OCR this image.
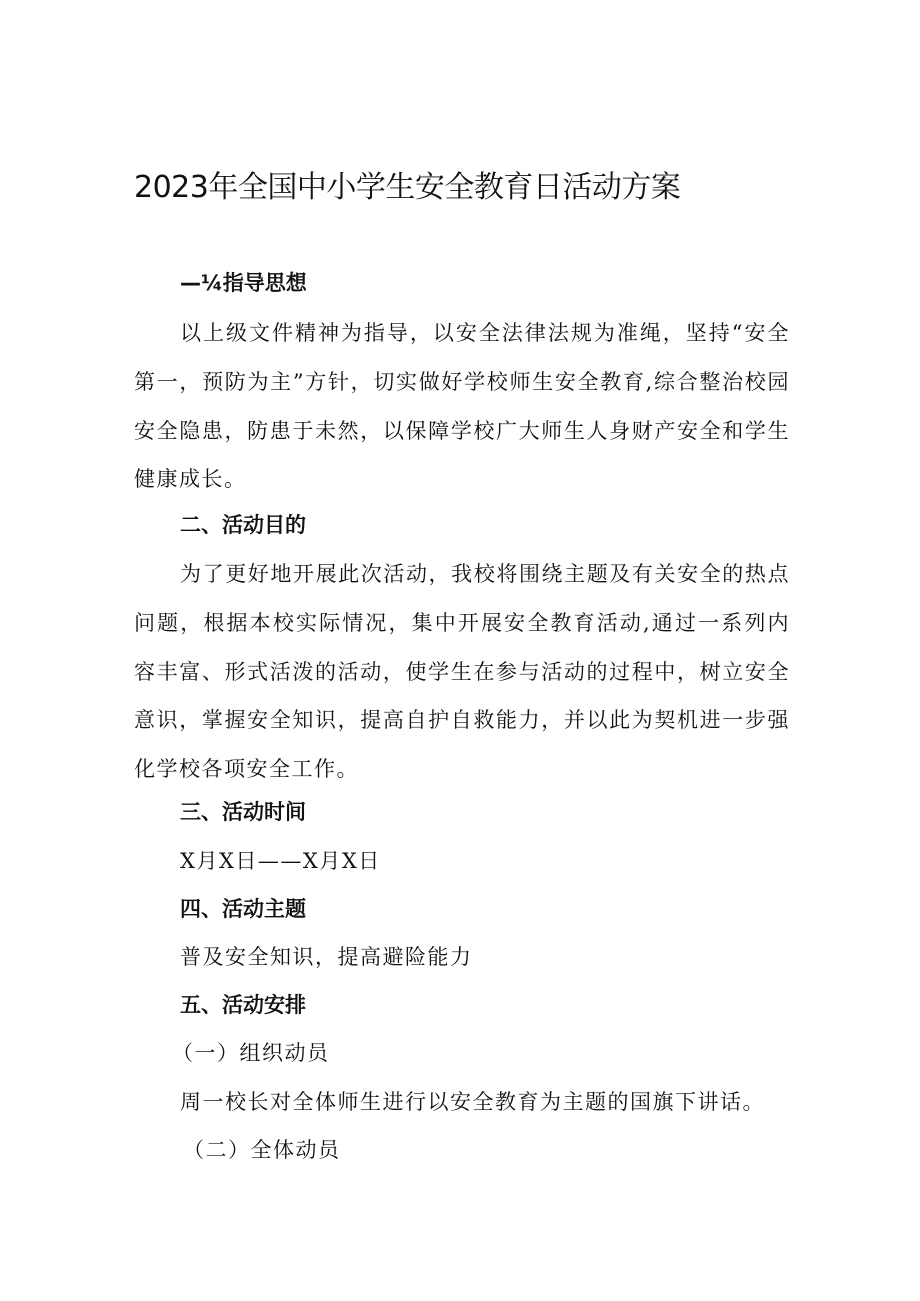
2023年全国中小学生安全教育日活动方案
—¼指导思想

以上级文件精神为指导，以安全法律法规为准绳，坚持“安全第一，预防为主”方针，切实做好学校师生安全教育,综合整治校园安全隐患，防患于未然，以保障学校广大师生人身财产安全和学生健康成长。

二、活动目的

为了更好地开展此次活动，我校将围绕主题及有关安全的热点问题，根据本校实际情况，集中开展安全教育活动,通过一系列内容丰富、形式活泼的活动，使学生在参与活动的过程中，树立安全意识，掌握安全知识，提高自护自救能力，并以此为契机进一步强化学校各项安全工作。

三、活动时间

X月X日——X月X日

四、活动主题

普及安全知识，提高避险能力

五、活动安排

（一）组织动员

周一校长对全体师生进行以安全教育为主题的国旗下讲话。

（二）全体动员
